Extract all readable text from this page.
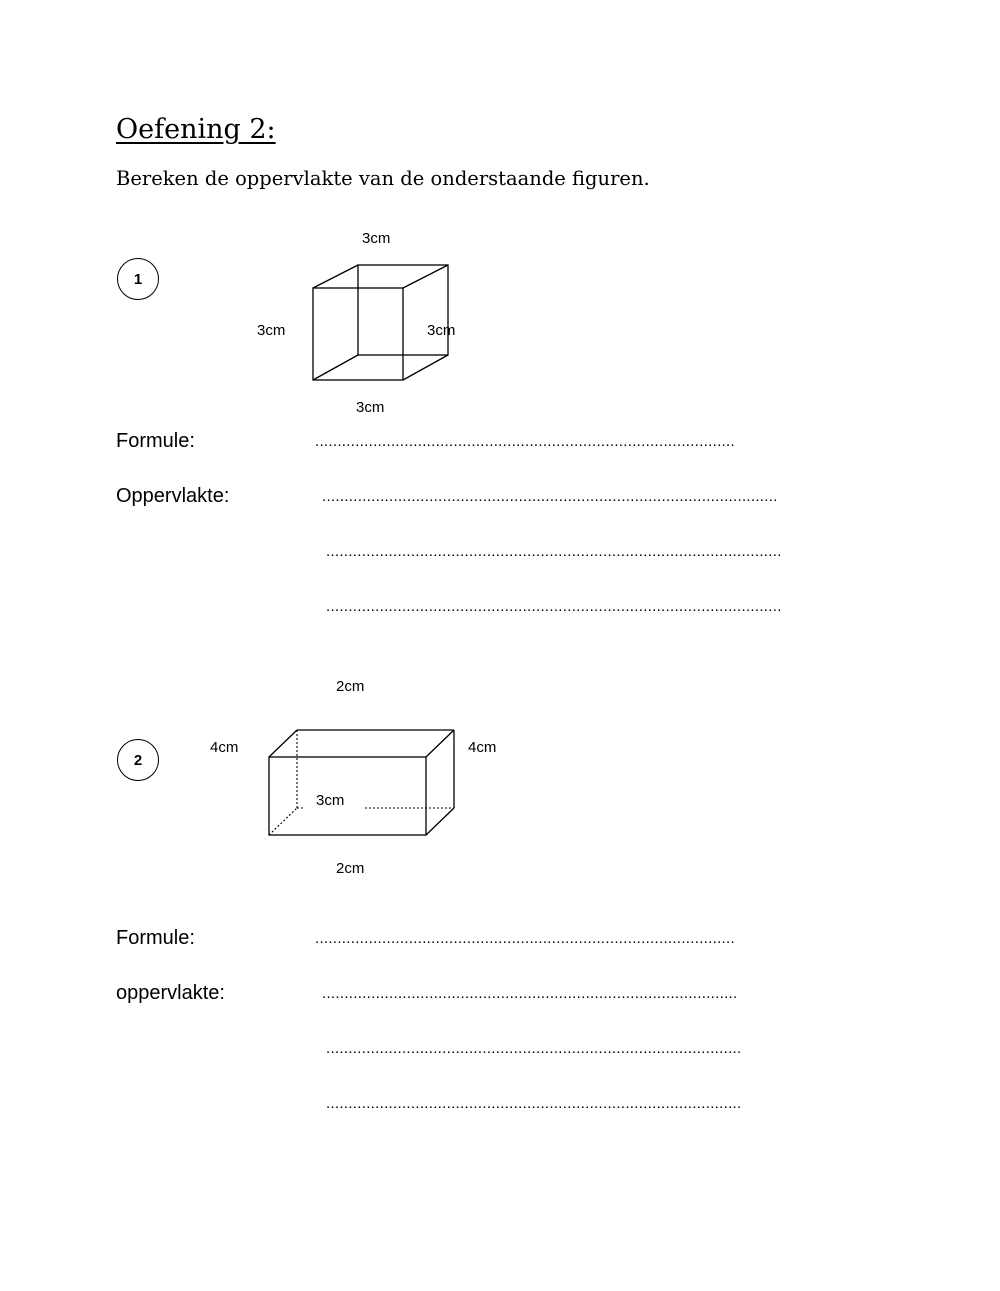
Oefening 2:
Bereken de oppervlakte van de onderstaande figuren.
1
3cm
3cm	3cm
3cm
Formule:	..............................................................................................
Oppervlakte:	......................................................................................................
......................................................................................................
......................................................................................................
2
2cm
4cm	4cm
3cm
2cm
Formule:	..............................................................................................
oppervlakte:	.............................................................................................
.............................................................................................
.............................................................................................
